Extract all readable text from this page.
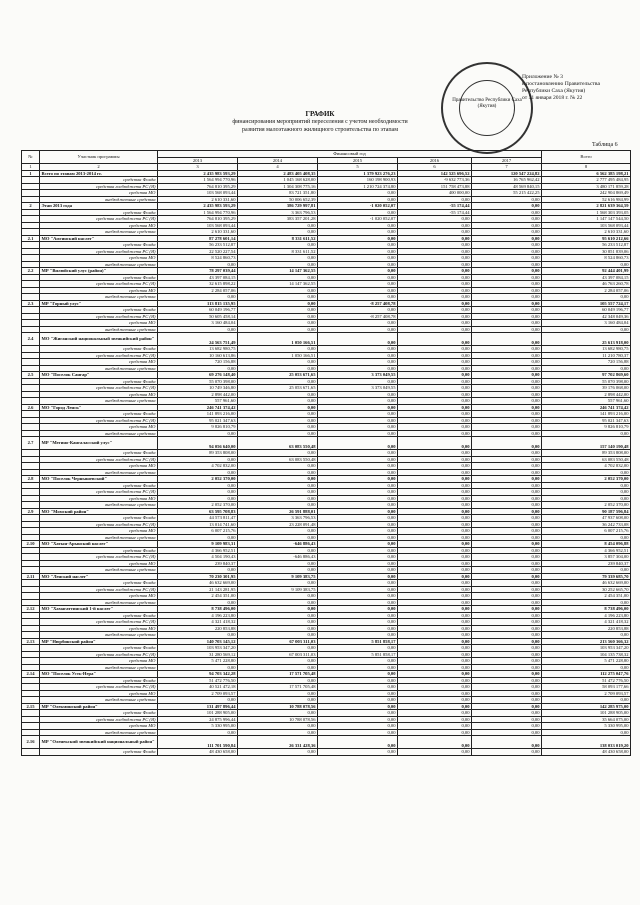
Правительство Республики Саха (Якутия)
Приложение № 3
к постановлению Правительства
Республики Саха (Якутия)
от 31 января 2018 г. № 22
ГРАФИК
финансирования мероприятий переселения с учетом необходимости
развития малоэтажного жилищного строительства по этапам
Таблица 6
№	Участник программы	Финансовый год					Всего
		2013	2014	2015	2016	2017	
1	2	3	4	5	6	7	8
1	Всего по этапам 2013-2014 гг.	2 435 983 593,29	2 483 405 408,35	1 379 923 276,23	142 525 696,52	120 547 224,82	6 562 385 198,21
	средства Фонда	1 564 994 770,96	1 045 168 628,00	160 198 900,93	-9 632 773,36	16 765 962,42	2 777 495 484,95
	средства госбюджета РС (Я)	764 810 395,29	1 304 308 775,16	1 210 724 374,80	151 758 473,88	48 569 840,15	3 480 171 859,28
	средства МО	103 568 093,44	83 721 351,80	0,00	400 000,00	55 215 422,25	242 904 869,49
	внебюджетные средства	2 610 331,60	50 006 652,39	0,00	0,00	0,00	52 616 984,99
2	Этап 2013 года	2 435 983 593,29	386 729 997,81	-1 020 052,07	-55 174,44	0,00	2 821 639 364,59
	средства Фонда	1 564 994 770,96	3 363 796,53	0,00	-55 174,44	0,00	1 568 303 393,05
	средства госбюджета РС (Я)	764 810 395,29	383 357 201,28	-1 020 052,07	0,00	0,00	1 147 147 544,50
	средства МО	103 568 093,44	0,00	0,00	0,00	0,00	103 568 093,44
	внебюджетные средства	2 610 331,60	0,00	0,00	0,00	0,00	2 610 331,60
2.1	МО "Амгинский наслег"	87 278 601,14	8 331 611,52	0,00	0,00	0,00	95 610 212,66
	средства Фонда	56 233 512,87	0,00	0,00	0,00	0,00	56 233 512,87
	средства госбюджета РС (Я)	22 520 227,54	8 331 611,52	0,00	0,00	0,00	30 851 839,06
	средства МО	8 524 860,73	0,00	0,00	0,00	0,00	8 524 860,73
	внебюджетные средства	0,00	0,00	0,00	0,00	0,00	0,00
2.2	МР "Вилюйский улус (район)"	78 297 039,44	14 147 362,55	0,00	0,00	0,00	92 444 401,99
	средства Фонда	43 397 084,15	0,00	0,00	0,00	0,00	43 397 084,15
	средства госбюджета РС (Я)	32 615 898,22	14 147 362,55	0,00	0,00	0,00	46 763 260,78
	средства МО	2 284 057,06	0,00	0,00	0,00	0,00	2 284 057,06
	внебюджетные средства	0,00	0,00	0,00	0,00	0,00	0,00
2.3	МР "Горный улус"	113 815 135,95	0,00	-8 257 408,78	0,00	0,00	105 557 724,17
	средства Фонда	60 049 196,77	0,00	0,00	0,00	0,00	60 049 196,77
	средства госбюджета РС (Я)	50 605 458,14	0,00	-8 257 408,78	0,00	0,00	42 348 049,36
	средства МО	3 160 484,04	0,00	0,00	0,00	0,00	3 160 484,04
	внебюджетные средства	0,00	0,00	0,00	0,00	0,00	0,00
2.4	МО "Жиганский национальный эвенкийский район"	24 563 751,49	1 050 166,51	0,00	0,00	0,00	25 613 918,00
	средства Фонда	13 682 980,75	0,00	0,00	0,00	0,00	13 682 980,75
	средства госбюджета РС (Я)	10 160 613,86	1 050 166,51	0,00	0,00	0,00	11 210 780,37
	средства МО	720 156,88	0,00	0,00	0,00	0,00	720 156,88
	внебюджетные средства	0,00	0,00	0,00	0,00	0,00	0,00
2.5	МО "Поселок Сангар"	69 276 148,40	25 053 671,65	3 373 049,55	0,00	0,00	97 702 869,60
	средства Фонда	55 070 398,00	0,00	0,00	0,00	0,00	55 070 398,00
	средства госбюджета РС (Я)	10 749 346,80	25 053 671,65	3 373 049,55	0,00	0,00	39 176 068,00
	средства МО	2 898 442,00	0,00	0,00	0,00	0,00	2 898 442,00
	внебюджетные средства	557 961,60	0,00	0,00	0,00	0,00	557 961,60
2.6	МО "Город Ленск"	246 741 374,42	0,00	0,00	0,00	0,00	246 741 374,42
	средства Фонда	141 893 216,00	0,00	0,00	0,00	0,00	141 893 216,00
	средства госбюджета РС (Я)	95 021 347,63	0,00	0,00	0,00	0,00	95 021 347,63
	средства МО	9 826 810,79	0,00	0,00	0,00	0,00	9 826 810,79
	внебюджетные средства	0,00	0,00	0,00	0,00	0,00	0,00
2.7	МР "Мегино-Кангаласский улус"	94 056 640,00	63 083 550,48	0,00	0,00	0,00	157 140 190,48
	средства Фонда	89 353 808,00	0,00	0,00	0,00	0,00	89 353 808,00
	средства госбюджета РС (Я)	0,00	63 083 550,48	0,00	0,00	0,00	63 083 550,48
	средства МО	4 702 832,00	0,00	0,00	0,00	0,00	4 702 832,00
	внебюджетные средства	0,00	0,00	0,00	0,00	0,00	0,00
2.8	МО "Поселок Чернышевский"	2 052 370,00	0,00	0,00	0,00	0,00	2 052 370,00
	средства Фонда	0,00	0,00	0,00	0,00	0,00	0,00
	средства госбюджета РС (Я)	0,00	0,00	0,00	0,00	0,00	0,00
	средства МО	0,00	0,00	0,00	0,00	0,00	0,00
	внебюджетные средства	2 052 370,00	0,00	0,00	0,00	0,00	2 052 370,00
2.9	МО "Момский район"	63 595 708,83	26 591 888,01	0,00	0,00	0,00	90 187 596,84
	средства Фонда	44 573 811,47	3 363 796,53	0,00	0,00	0,00	47 937 608,00
	средства госбюджета РС (Я)	13 014 741,60	23 228 091,48	0,00	0,00	0,00	36 242 733,08
	средства МО	6 007 215,76	0,00	0,00	0,00	0,00	6 007 215,76
	внебюджетные средства	0,00	0,00	0,00	0,00	0,00	0,00
2.10	МО "Хатын-Арынский наслег"	9 109 983,31	-646 886,43	0,00	0,00	0,00	8 454 096,88
	средства Фонда	4 366 952,51	0,00	0,00	0,00	0,00	4 366 952,51
	средства госбюджета РС (Я)	4 504 190,43	-646 886,43	0,00	0,00	0,00	3 857 304,00
	средства МО	239 840,37	0,00	0,00	0,00	0,00	239 840,37
	внебюджетные средства	0,00	0,00	0,00	0,00	0,00	0,00
2.11	МО "Ленский наслег"	70 230 301,95	9 109 383,75	0,00	0,00	0,00	79 339 685,70
	средства Фонда	46 632 669,00	0,00	0,00	0,00	0,00	46 632 669,00
	средства госбюджета РС (Я)	21 143 281,95	9 109 383,75	0,00	0,00	0,00	30 252 665,70
	средства МО	2 454 351,00	0,00	0,00	0,00	0,00	2 454 351,00
	внебюджетные средства	0,00	0,00	0,00	0,00	0,00	0,00
2.12	МО "Хамагаттинский 1-й наслег"	8 738 496,00	0,00	0,00	0,00	0,00	8 738 496,00
	средства Фонда	4 196 223,80	0,00	0,00	0,00	0,00	4 196 223,80
	средства госбюджета РС (Я)	4 321 418,32	0,00	0,00	0,00	0,00	4 321 418,32
	средства МО	220 853,88	0,00	0,00	0,00	0,00	220 853,88
	внебюджетные средства	0,00	0,00	0,00	0,00	0,00	0,00
2.13	МР "Нюрбинский район"	140 703 145,12	67 003 311,03	5 851 858,17	0,00	0,00	213 560 366,32
	средства Фонда	103 953 347,20	0,00	0,00	0,00	0,00	103 953 347,20
	средства госбюджета РС (Я)	31 280 569,12	67 003 311,03	5 851 858,17	0,00	0,00	104 135 738,32
	средства МО	5 471 228,80	0,00	0,00	0,00	0,00	5 471 228,80
	внебюджетные средства	0,00	0,00	0,00	0,00	0,00	0,00
2.14	МО "Поселок Усть-Нера"	94 703 342,28	17 571 705,48	0,00	0,00	0,00	112 275 047,76
	средства Фонда	51 472 776,50	0,00	0,00	0,00	0,00	51 472 776,50
	средства госбюджета РС (Я)	40 521 472,18	17 571 705,48	0,00	0,00	0,00	58 093 177,66
	средства МО	2 709 093,57	0,00	0,00	0,00	0,00	2 709 093,57
	внебюджетные средства	0,00	0,00	0,00	0,00	0,00	0,00
2.15	МР "Олекминский район"	131 497 896,44	10 788 078,56	0,00	0,00	0,00	142 285 975,00
	средства Фонда	101 288 905,00	0,00	0,00	0,00	0,00	101 288 905,00
	средства госбюджета РС (Я)	24 875 996,44	10 788 078,56	0,00	0,00	0,00	35 664 075,00
	средства МО	5 330 995,00	0,00	0,00	0,00	0,00	5 330 995,00
	внебюджетные средства	0,00	0,00	0,00	0,00	0,00	0,00
2.16	МР "Оленекский эвенкийский национальный район"	111 701 590,84	26 331 428,36	0,00	0,00	0,00	138 033 019,20
	средства Фонда	48 430 658,00	0,00	0,00	0,00	0,00	48 430 658,00
